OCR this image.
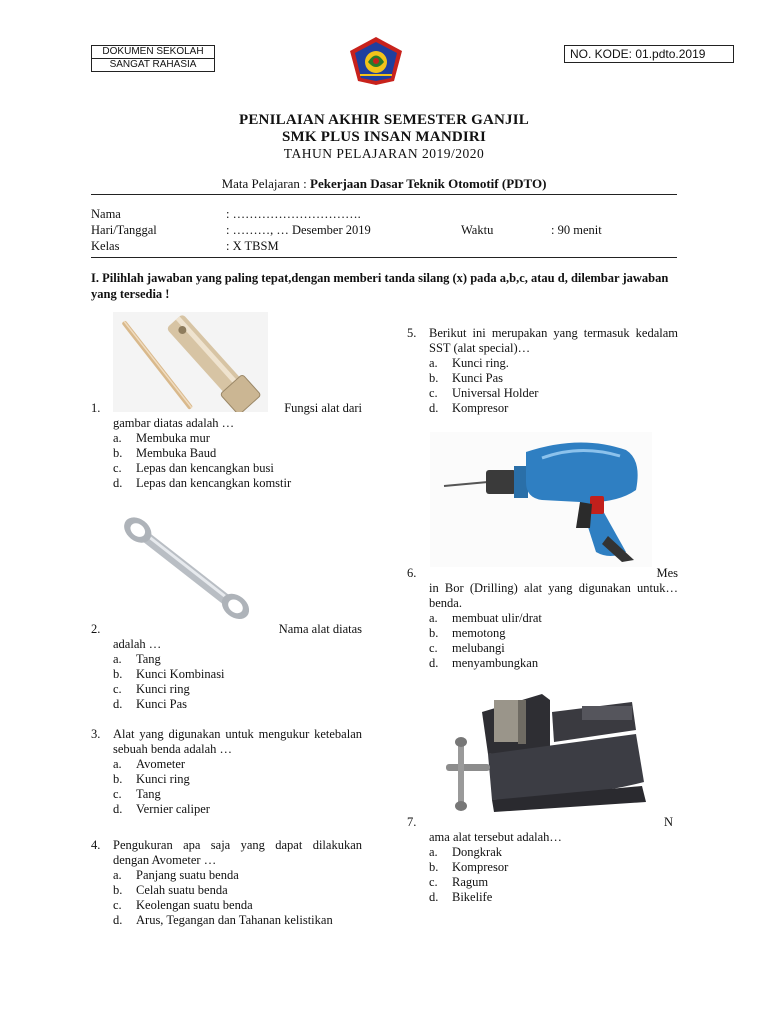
DOKUMEN SEKOLAH
SANGAT RAHASIA
NO. KODE: 01.pdto.2019
PENILAIAN AKHIR SEMESTER GANJIL
SMK PLUS INSAN MANDIRI
TAHUN PELAJARAN 2019/2020
Mata Pelajaran : Pekerjaan Dasar Teknik Otomotif (PDTO)
Nama	: ………………………….
Hari/Tanggal	: ………, … Desember 2019	Waktu	: 90 menit
Kelas	: X TBSM
I. Pilihlah jawaban yang paling tepat,dengan memberi tanda silang (x) pada a,b,c, atau d, dilembar jawaban yang tersedia !
1.	Fungsi alat dari
gambar diatas adalah …
a. Membuka mur
b. Membuka Baud
c. Lepas dan kencangkan busi
d. Lepas dan kencangkan komstir
2.	Nama alat diatas
adalah …
a. Tang
b. Kunci Kombinasi
c. Kunci ring
d. Kunci Pas
3. Alat yang digunakan untuk mengukur ketebalan sebuah benda adalah …
a. Avometer
b. Kunci ring
c. Tang
d. Vernier caliper
4. Pengukuran apa saja yang dapat dilakukan dengan Avometer …
a. Panjang suatu benda
b. Celah suatu benda
c. Keolengan suatu benda
d. Arus, Tegangan dan Tahanan kelistikan
5. Berikut ini merupakan yang termasuk kedalam SST (alat special)…
a. Kunci ring.
b. Kunci Pas
c. Universal Holder
d. Kompresor
6.	Mes
in Bor (Drilling) alat yang digunakan untuk…benda.
a. membuat ulir/drat
b. memotong
c. melubangi
d. menyambungkan
7.	N
ama alat tersebut adalah…
a. Dongkrak
b. Kompresor
c. Ragum
d. Bikelife
